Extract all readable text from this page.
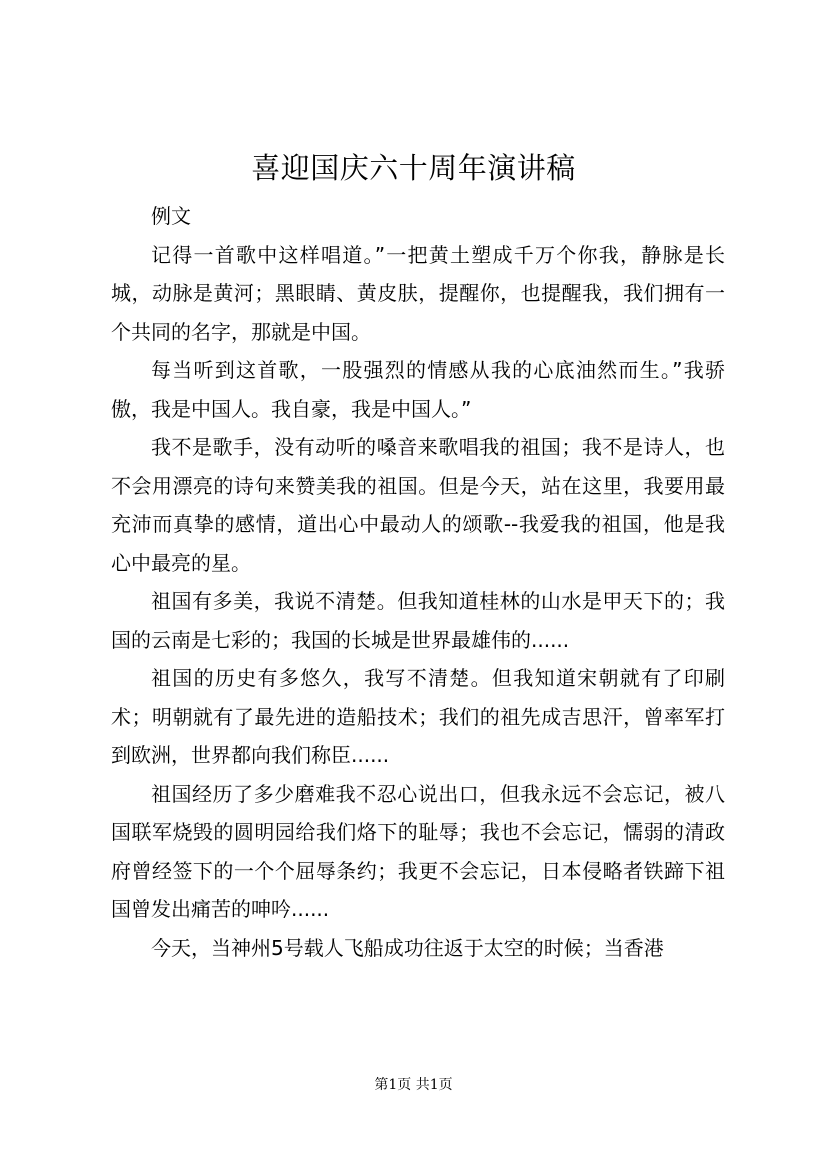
喜迎国庆六十周年演讲稿

例文

记得一首歌中这样唱道。”一把黄土塑成千万个你我，静脉是长城，动脉是黄河；黑眼睛、黄皮肤，提醒你，也提醒我，我们拥有一个共同的名字，那就是中国。

每当听到这首歌，一股强烈的情感从我的心底油然而生。”我骄傲，我是中国人。我自豪，我是中国人。”

我不是歌手，没有动听的嗓音来歌唱我的祖国；我不是诗人，也不会用漂亮的诗句来赞美我的祖国。但是今天，站在这里，我要用最充沛而真挚的感情，道出心中最动人的颂歌--我爱我的祖国，他是我心中最亮的星。

祖国有多美，我说不清楚。但我知道桂林的山水是甲天下的；我国的云南是七彩的；我国的长城是世界最雄伟的......

祖国的历史有多悠久，我写不清楚。但我知道宋朝就有了印刷术；明朝就有了最先进的造船技术；我们的祖先成吉思汗，曾率军打到欧洲，世界都向我们称臣......

祖国经历了多少磨难我不忍心说出口，但我永远不会忘记，被八国联军烧毁的圆明园给我们烙下的耻辱；我也不会忘记，懦弱的清政府曾经签下的一个个屈辱条约；我更不会忘记，日本侵略者铁蹄下祖国曾发出痛苦的呻吟......

今天，当神州5号载人飞船成功往返于太空的时候；当香港

第1页 共1页
